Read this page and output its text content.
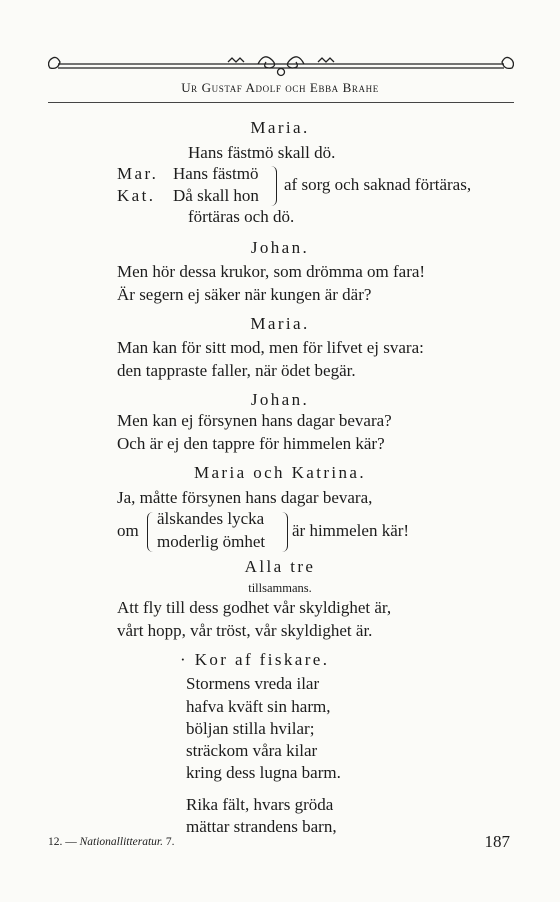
Ur Gustaf Adolf och Ebba Brahe
Maria.
Hans fästmö skall dö.
Mar. Hans fästmö
Kat. Då skall hon
af sorg och saknad förtäras,
förtäras och dö.
Johan.
Men hör dessa krukor, som drömma om fara!
Är segern ej säker när kungen är där?
Maria.
Man kan för sitt mod, men för lifvet ej svara:
den tappraste faller, när ödet begär.
Johan.
Men kan ej försynen hans dagar bevara?
Och är ej den tappre för himmelen kär?
Maria och Katrina.
Ja, måtte försynen hans dagar bevara,
om
älskandes lycka
moderlig ömhet
är himmelen kär!
Alla tre
tillsammans.
Att fly till dess godhet vår skyldighet är,
vårt hopp, vår tröst, vår skyldighet är.
· Kor af fiskare.
Stormens vreda ilar
hafva kväft sin harm,
böljan stilla hvilar;
sträckom våra kilar
kring dess lugna barm.
Rika fält, hvars gröda
mättar strandens barn,
12. — Nationallitteratur. 7.	187
